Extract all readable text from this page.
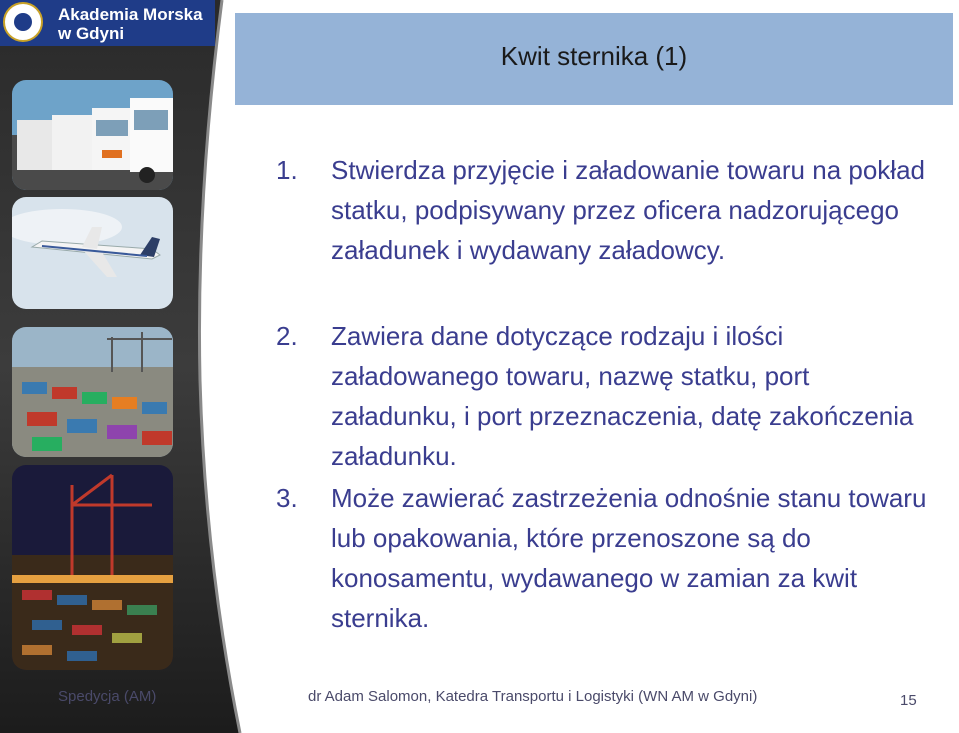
Akademia Morska
w Gdyni
Kwit sternika (1)
1. Stwierdza przyjęcie i załadowanie towaru na pokład statku, podpisywany przez oficera nadzorującego załadunek i wydawany załadowcy.
2. Zawiera dane dotyczące rodzaju i ilości załadowanego towaru, nazwę statku, port załadunku, i port przeznaczenia, datę zakończenia załadunku.
3. Może zawierać zastrzeżenia odnośnie stanu towaru lub opakowania, które przenoszone są do konosamentu, wydawanego w zamian za kwit sternika.
Spedycja (AM)	dr Adam Salomon, Katedra Transportu i Logistyki (WN AM w Gdyni)	15
